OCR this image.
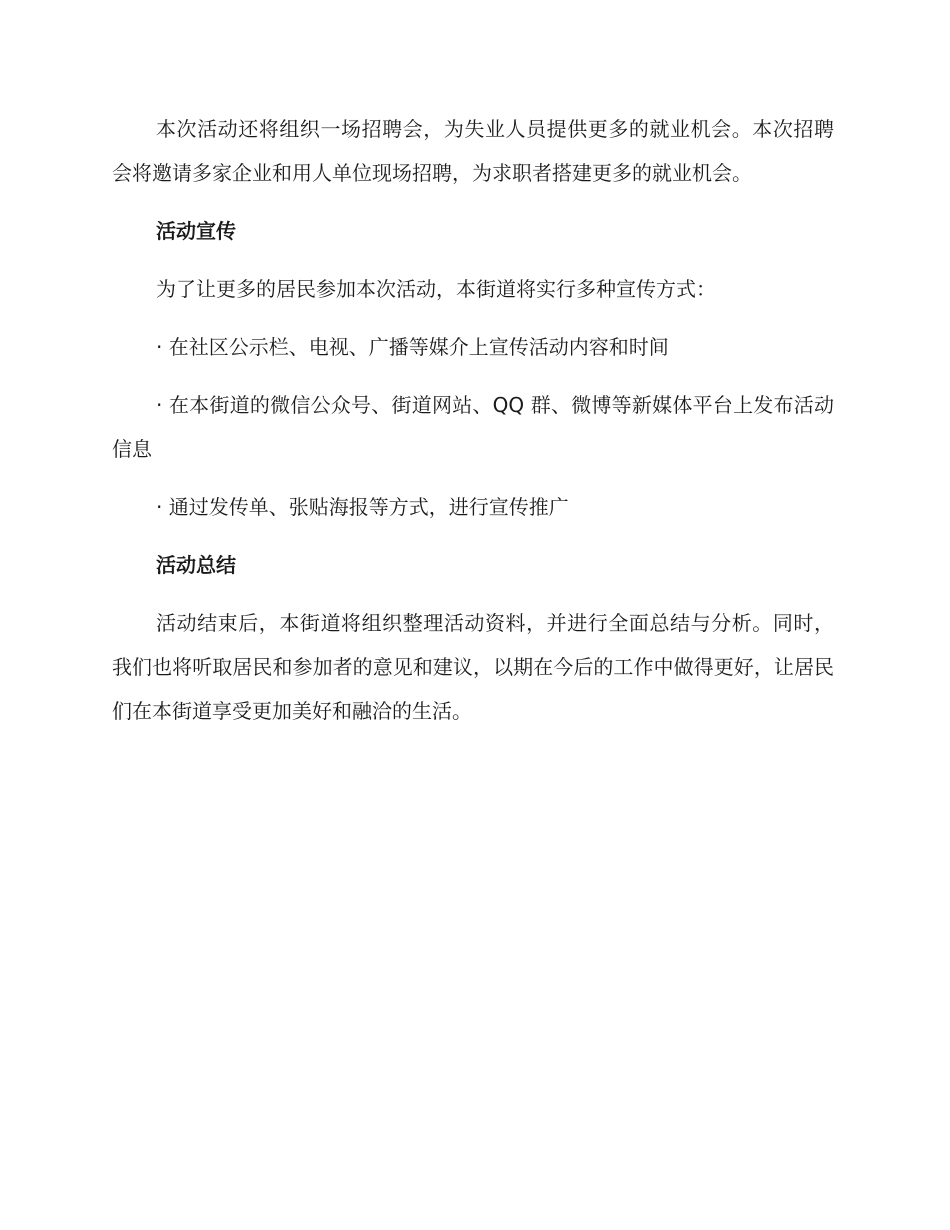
本次活动还将组织一场招聘会，为失业人员提供更多的就业机会。本次招聘会将邀请多家企业和用人单位现场招聘，为求职者搭建更多的就业机会。

活动宣传

为了让更多的居民参加本次活动，本街道将实行多种宣传方式：

· 在社区公示栏、电视、广播等媒介上宣传活动内容和时间

· 在本街道的微信公众号、街道网站、QQ 群、微博等新媒体平台上发布活动信息

· 通过发传单、张贴海报等方式，进行宣传推广

活动总结

活动结束后，本街道将组织整理活动资料，并进行全面总结与分析。同时，我们也将听取居民和参加者的意见和建议，以期在今后的工作中做得更好，让居民们在本街道享受更加美好和融洽的生活。
